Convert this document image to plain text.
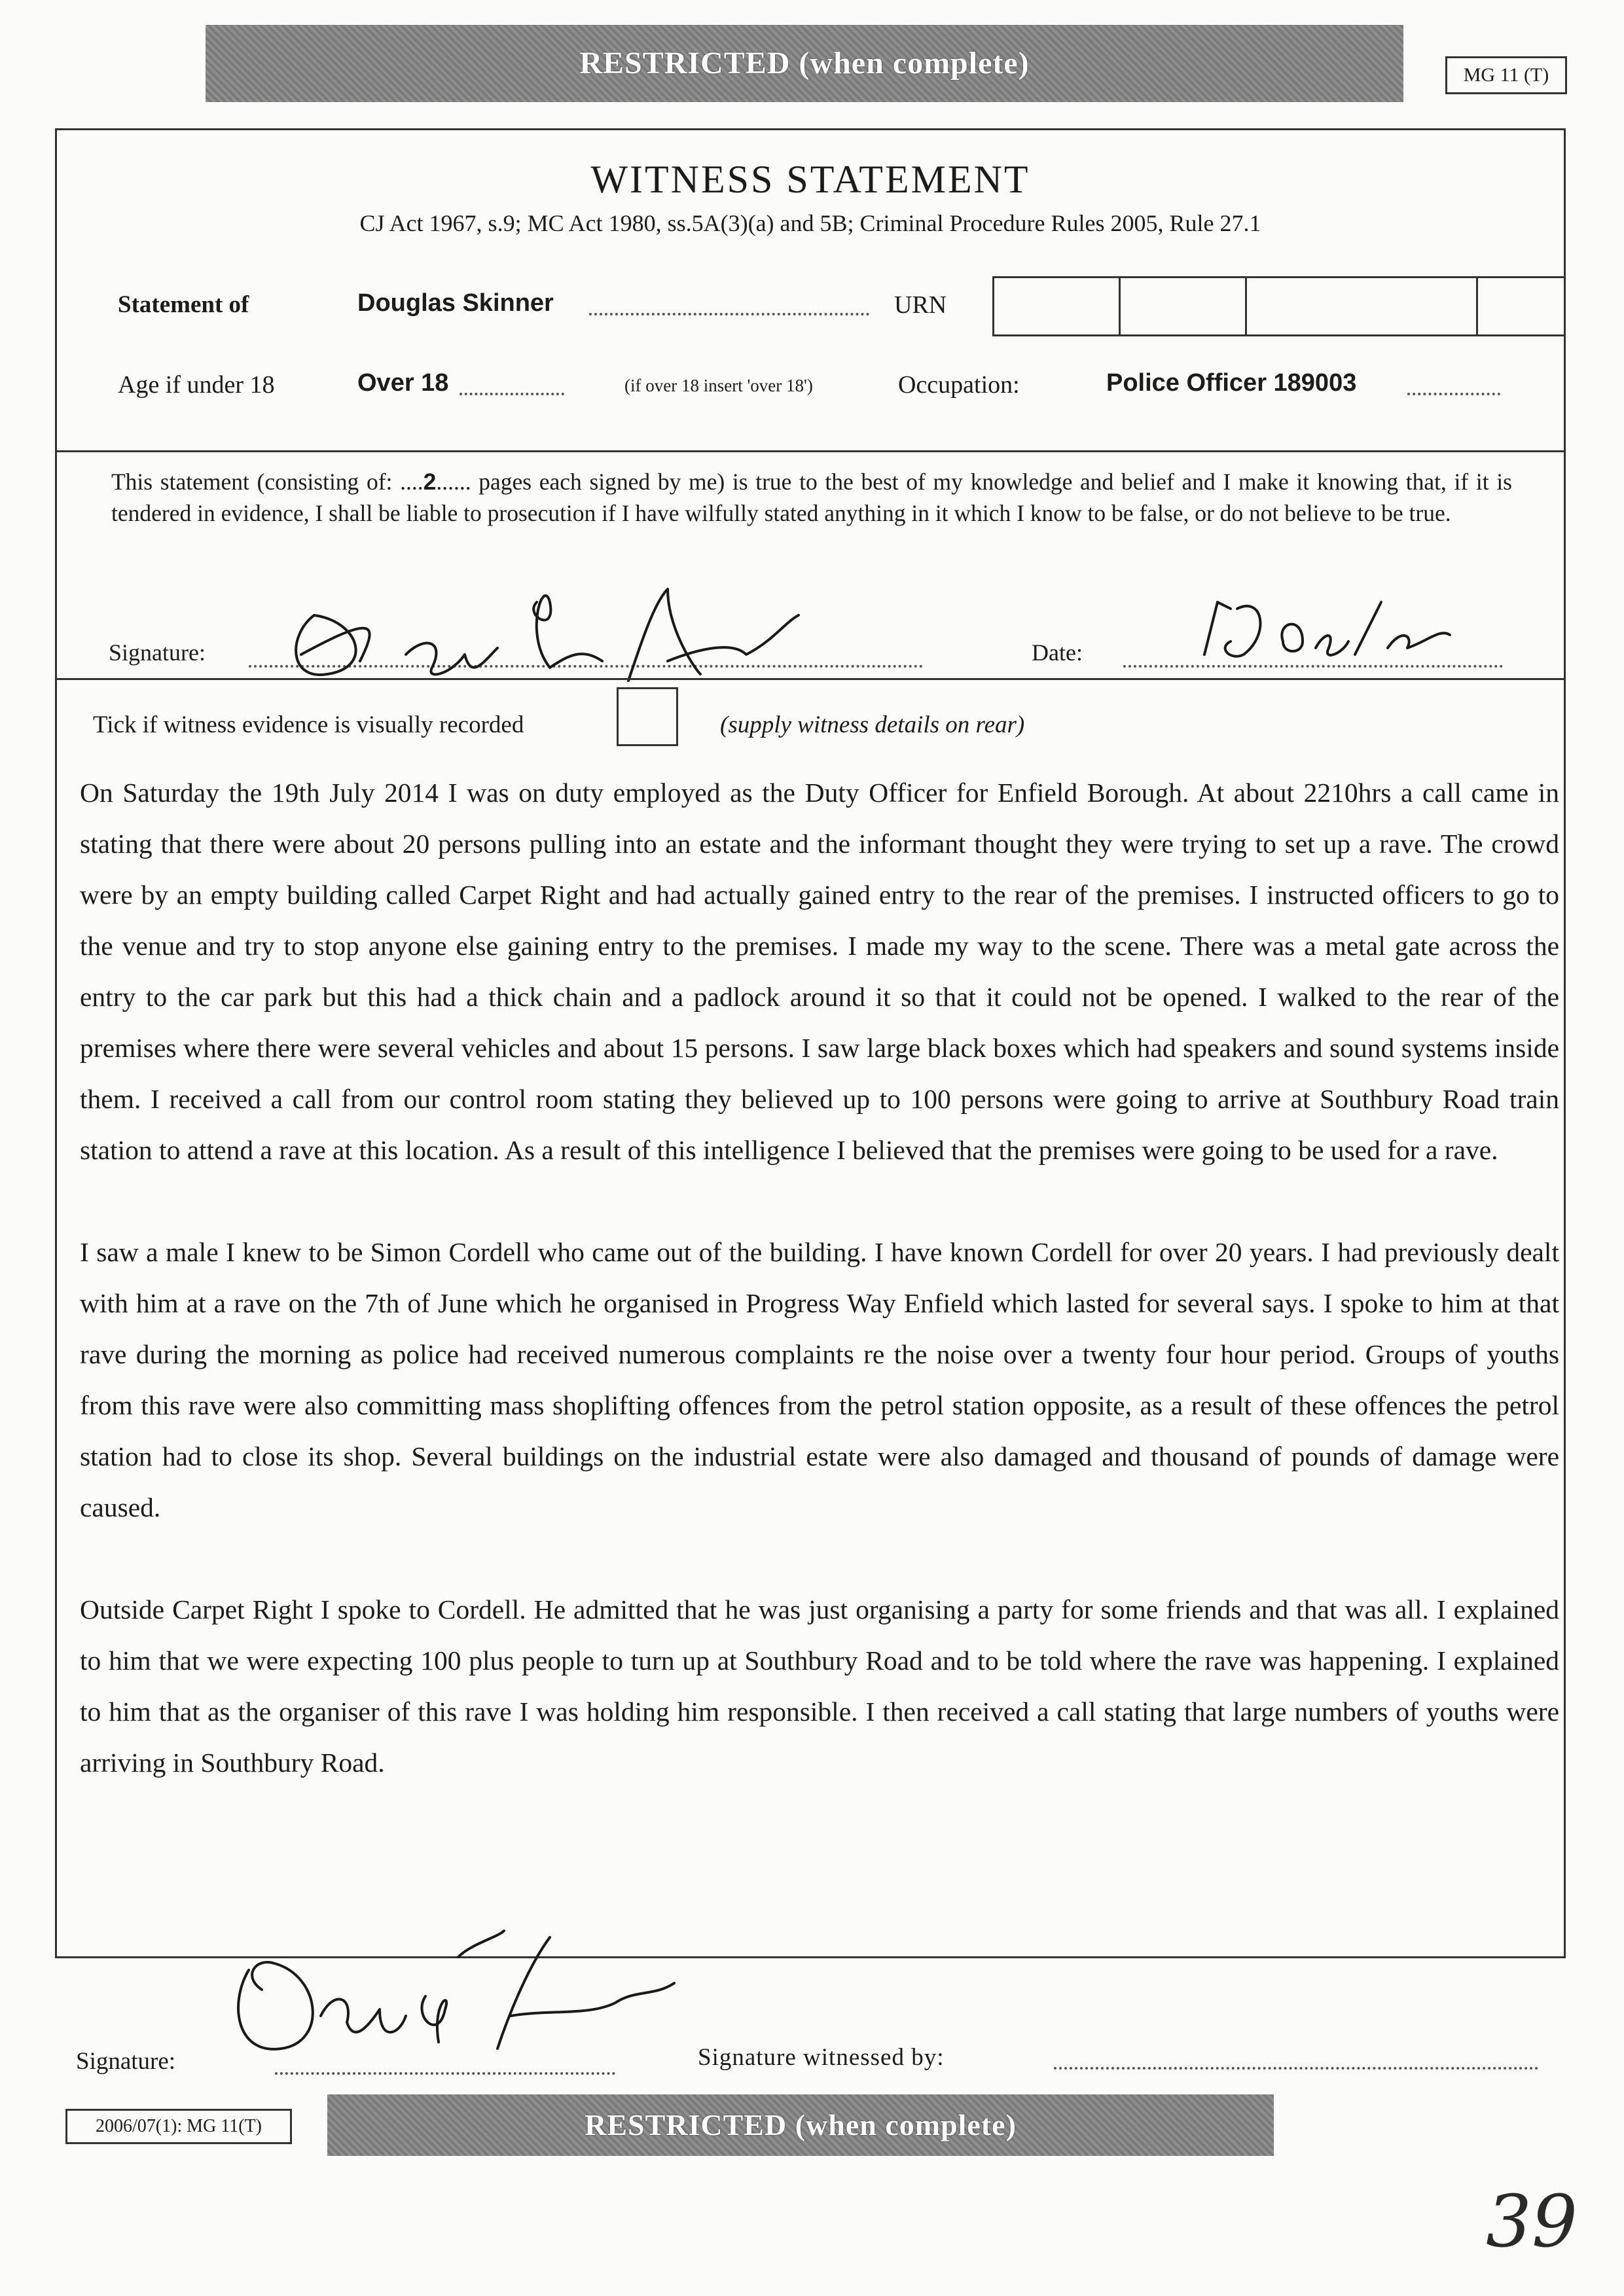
RESTRICTED (when complete)	MG 11 (T)
WITNESS STATEMENT
CJ Act 1967, s.9; MC Act 1980, ss.5A(3)(a) and 5B; Criminal Procedure Rules 2005, Rule 27.1
Statement of	Douglas Skinner	URN
Age if under 18	Over 18	(if over 18 insert 'over 18')	Occupation:	Police Officer 189003
This statement (consisting of: ....2...... pages each signed by me) is true to the best of my knowledge and belief and I make it knowing that, if it is tendered in evidence, I shall be liable to prosecution if I have wilfully stated anything in it which I know to be false, or do not believe to be true.
Signature:	Date:
Tick if witness evidence is visually recorded	(supply witness details on rear)

On Saturday the 19th July 2014 I was on duty employed as the Duty Officer for Enfield Borough. At about 2210hrs a call came in stating that there were about 20 persons pulling into an estate and the informant thought they were trying to set up a rave. The crowd were by an empty building called Carpet Right and had actually gained entry to the rear of the premises. I instructed officers to go to the venue and try to stop anyone else gaining entry to the premises. I made my way to the scene. There was a metal gate across the entry to the car park but this had a thick chain and a padlock around it so that it could not be opened. I walked to the rear of the premises where there were several vehicles and about 15 persons. I saw large black boxes which had speakers and sound systems inside them. I received a call from our control room stating they believed up to 100 persons were going to arrive at Southbury Road train station to attend a rave at this location. As a result of this intelligence I believed that the premises were going to be used for a rave.

I saw a male I knew to be Simon Cordell who came out of the building. I have known Cordell for over 20 years. I had previously dealt with him at a rave on the 7th of June which he organised in Progress Way Enfield which lasted for several says. I spoke to him at that rave during the morning as police had received numerous complaints re the noise over a twenty four hour period. Groups of youths from this rave were also committing mass shoplifting offences from the petrol station opposite, as a result of these offences the petrol station had to close its shop. Several buildings on the industrial estate were also damaged and thousand of pounds of damage were caused.

Outside Carpet Right I spoke to Cordell. He admitted that he was just organising a party for some friends and that was all. I explained to him that we were expecting 100 plus people to turn up at Southbury Road and to be told where the rave was happening. I explained to him that as the organiser of this rave I was holding him responsible. I then received a call stating that large numbers of youths were arriving in Southbury Road.

Signature:	Signature witnessed by:
2006/07(1): MG 11(T)	RESTRICTED (when complete)
39
